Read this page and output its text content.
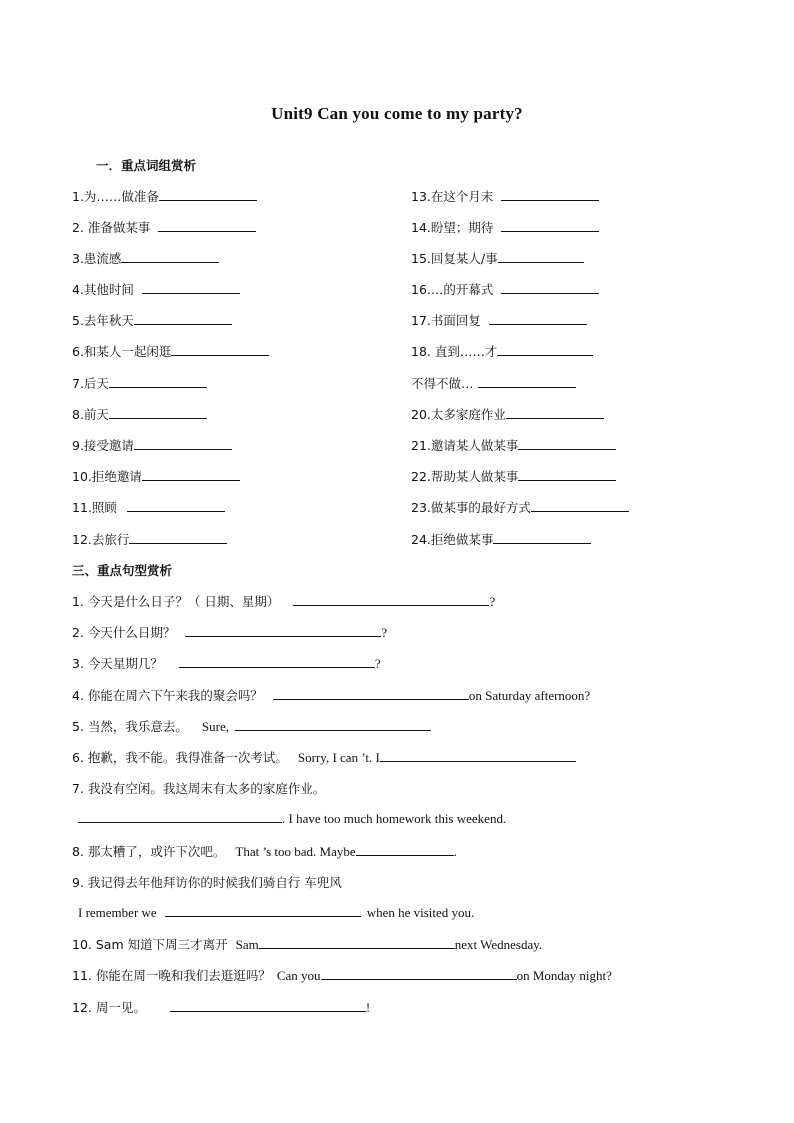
Unit9 Can you come to my party?
一．重点词组赏析
1.为……做准备
2. 准备做某事
3.患流感
4.其他时间
5.去年秋天
6.和某人一起闲逛
7.后天
8.前天
9.接受邀请
10.拒绝邀请
11.照顾
12.去旅行
13.在这个月末
14.盼望；期待
15.回复某人/事
16.…的开幕式
17.书面回复
18. 直到……才
不得不做…
20.太多家庭作业
21.邀请某人做某事
22.帮助某人做某事
23.做某事的最好方式
24.拒绝做某事
三、重点句型赏析
1. 今天是什么日子？（ 日期、星期）	?
2. 今天什么日期？	?
3. 今天星期几？	?
4. 你能在周六下午来我的聚会吗？	on Saturday afternoon?
5. 当然，我乐意去。 Sure,
6. 抱歉，我不能。我得准备一次考试。 Sorry, I can ’t. I
7. 我没有空闲。我这周末有太多的家庭作业。
. I have too much homework this weekend.
8. 那太糟了，或许下次吧。 That ’s too bad. Maybe	.
9. 我记得去年他拜访你的时候我们骑自行 车兜风
I remember we	when he visited you.
10. Sam 知道下周三才离开 Sam	next Wednesday.
11. 你能在周一晚和我们去逛逛吗？ Can you	on Monday night?
12. 周一见。	!
